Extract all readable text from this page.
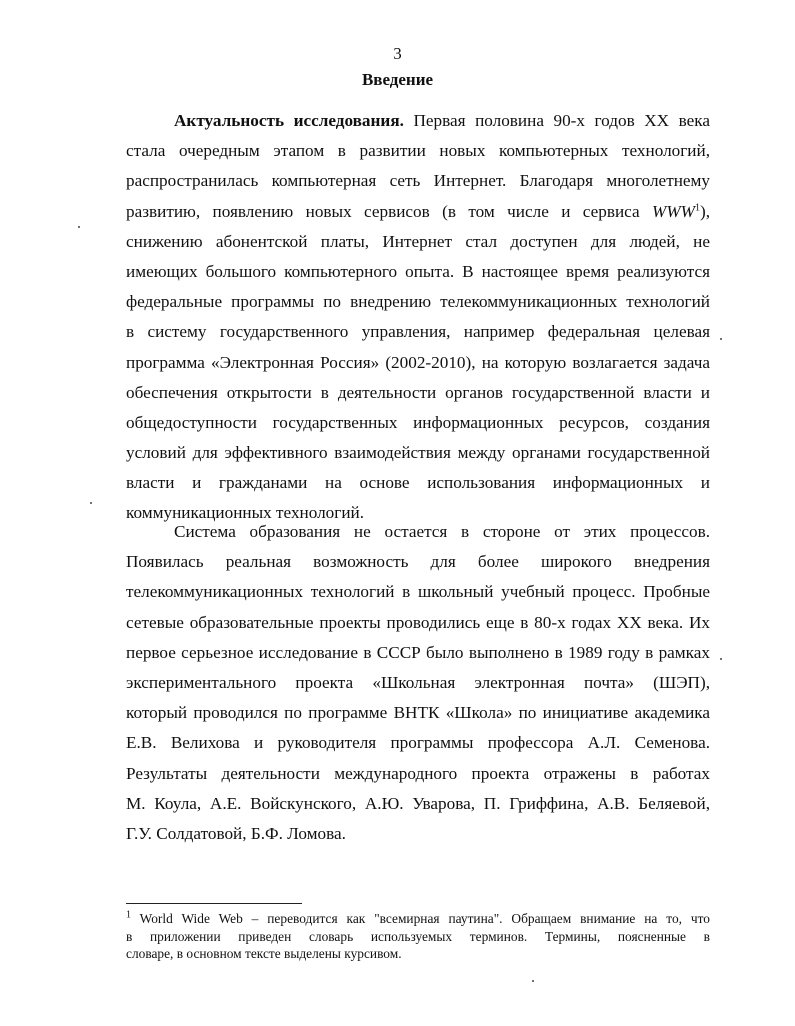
3
Введение
Актуальность исследования. Первая половина 90-х годов XX века
стала очередным этапом в развитии новых компьютерных технологий,
распространилась компьютерная сеть Интернет. Благодаря многолетнему
развитию, появлению новых сервисов (в том числе и сервиса WWW$^1$),
снижению абонентской платы, Интернет стал доступен для людей, не
имеющих большого компьютерного опыта. В настоящее время реализуются
федеральные программы по внедрению телекоммуникационных технологий
в систему государственного управления, например федеральная целевая
программа «Электронная Россия» (2002-2010), на которую возлагается задача
обеспечения открытости в деятельности органов государственной власти и
общедоступности государственных информационных ресурсов, создания
условий для эффективного взаимодействия между органами государственной
власти и гражданами на основе использования информационных и
коммуникационных технологий.
Система образования не остается в стороне от этих процессов.
Появилась реальная возможность для более широкого внедрения
телекоммуникационных технологий в школьный учебный процесс. Пробные
сетевые образовательные проекты проводились еще в 80-х годах XX века. Их
первое серьезное исследование в СССР было выполнено в 1989 году в рамках
экспериментального проекта «Школьная электронная почта» (ШЭП),
который проводился по программе ВНТК «Школа» по инициативе академика
Е.В. Велихова и руководителя программы профессора А.Л. Семенова.
Результаты деятельности международного проекта отражены в работах
М. Коула, А.Е. Войскунского, А.Ю. Уварова, П. Гриффина, А.В. Беляевой,
Г.У. Солдатовой, Б.Ф. Ломова.
$^1$ World Wide Web – переводится как "всемирная паутина". Обращаем внимание на то, что
в приложении приведен словарь используемых терминов. Термины, поясненные в
словаре, в основном тексте выделены курсивом.
